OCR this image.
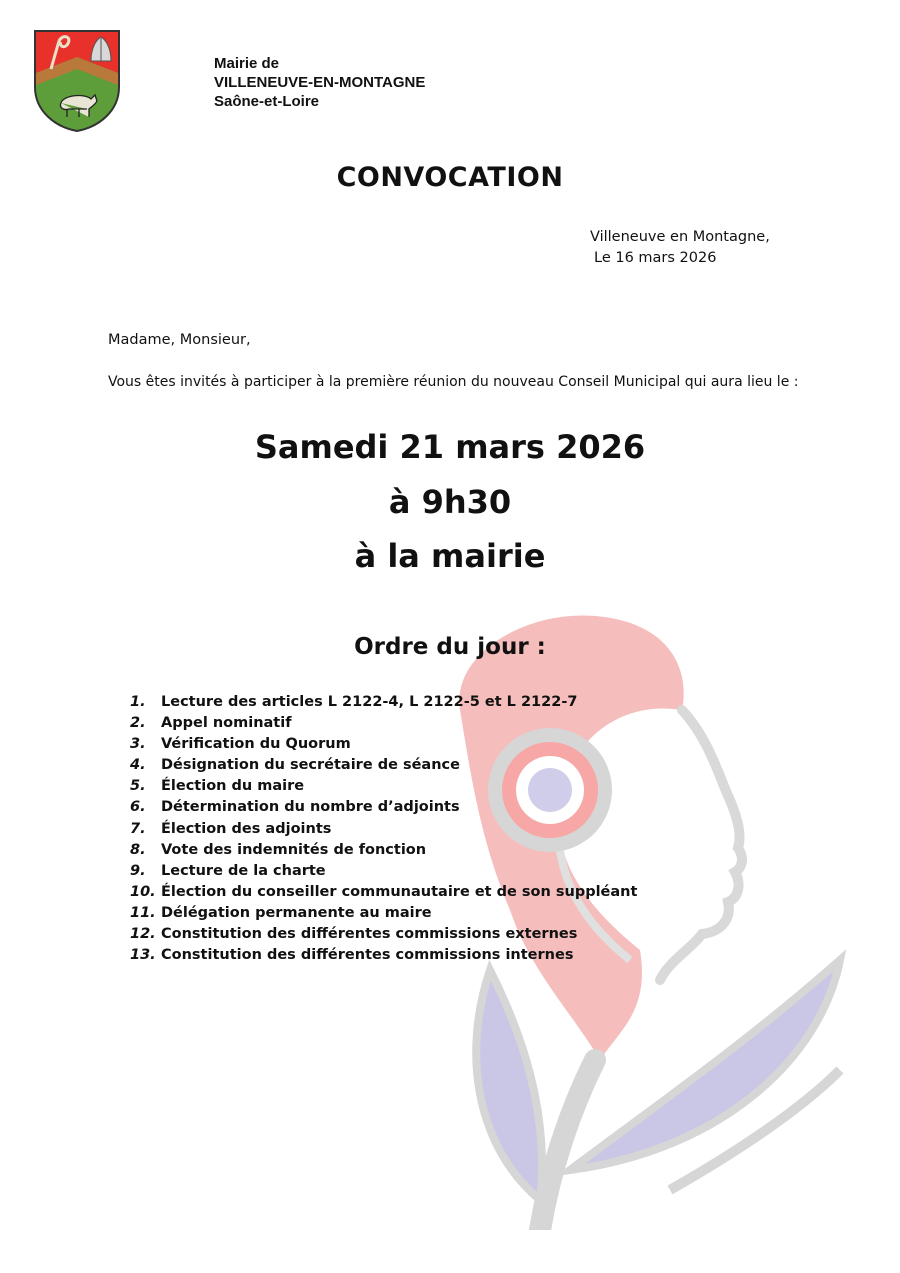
Mairie de
VILLENEUVE-EN-MONTAGNE
Saône-et-Loire
CONVOCATION
Villeneuve en Montagne,
Le 16 mars 2026
Madame, Monsieur,
Vous êtes invités à participer à la première réunion du nouveau Conseil Municipal qui aura lieu le :
Samedi 21 mars 2026
à 9h30
à la mairie
Ordre du jour :
1. Lecture des articles L 2122-4, L 2122-5 et L 2122-7
2. Appel nominatif
3. Vérification du Quorum
4. Désignation du secrétaire de séance
5. Élection du maire
6. Détermination du nombre d’adjoints
7. Élection des adjoints
8. Vote des indemnités de fonction
9. Lecture de la charte
10. Élection du conseiller communautaire et de son suppléant
11. Délégation permanente au maire
12. Constitution des différentes commissions externes
13. Constitution des différentes commissions internes
